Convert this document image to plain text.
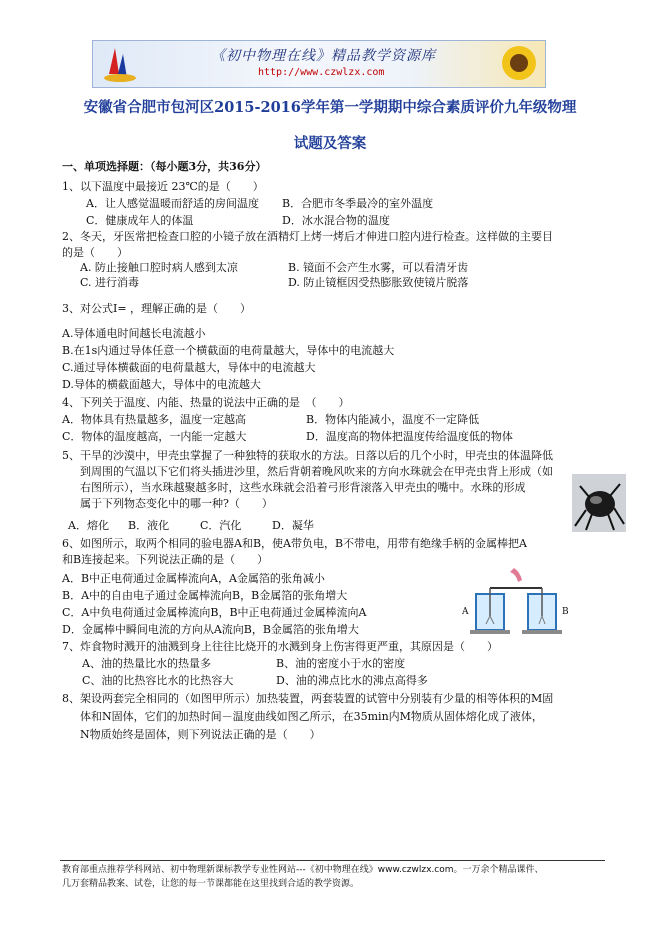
《初中物理在线》精品教学资源库
http://www.czwlzx.com
安徽省合肥市包河区2015-2016学年第一学期期中综合素质评价九年级物理
试题及答案
一、单项选择题：（每小题3分，共36分）
1、以下温度中最接近 23℃的是（　　）
A．让人感觉温暖而舒适的房间温度 B．合肥市冬季最冷的室外温度
C．健康成年人的体温	D．冰水混合物的温度
2、冬天，牙医常把检查口腔的小镜子放在酒精灯上烤一烤后才伸进口腔内进行检查。这样做的主要目
的是（　　）
A. 防止接触口腔时病人感到太凉	B. 镜面不会产生水雾，可以看清牙齿
C. 进行消毒	D. 防止镜框因受热膨胀致使镜片脱落
3、对公式I= ，理解正确的是（　　）
A.导体通电时间越长电流越小
B.在1s内通过导体任意一个横截面的电荷量越大，导体中的电流越大
C.通过导体横截面的电荷量越大，导体中的电流越大
D.导体的横截面越大，导体中的电流越大
4、下列关于温度、内能、热量的说法中正确的是　（　　）
A．物体具有热量越多，温度一定越高	B．物体内能减小，温度不一定降低
C．物体的温度越高，一内能一定越大	D．温度高的物体把温度传给温度低的物体
5、干旱的沙漠中，甲壳虫掌握了一种独特的获取水的方法。日落以后的几个小时，甲壳虫的体温降低
到周围的气温以下它们将头插进沙里，然后背朝着晚风吹来的方向水珠就会在甲壳虫背上形成（如
右图所示），当水珠越聚越多时，这些水珠就会沿着弓形背滚落入甲壳虫的嘴中。水珠的形成
属于下列物态变化中的哪一种?（　　）
A．熔化 B．液化	C．汽化	D．凝华
6、如图所示，取两个相同的验电器A和B，使A带负电，B不带电，用带有绝缘手柄的金属棒把A
和B连接起来。下列说法正确的是（　　）
A．B中正电荷通过金属棒流向A，A金属箔的张角减小
B．A中的自由电子通过金属棒流向B，B金属箔的张角增大
C．A中负电荷通过金属棒流向B，B中正电荷通过金属棒流向A
D．金属棒中瞬间电流的方向从A流向B，B金属箔的张角增大
A	B
7、炸食物时溅开的油溅到身上往往比烧开的水溅到身上伤害得更严重，其原因是（　　）
A、油的热量比水的热量多	B、油的密度小于水的密度
C、油的比热容比水的比热容大	D、油的沸点比水的沸点高得多
8、架设两套完全相同的（如图甲所示）加热装置，两套装置的试管中分别装有少量的相等体积的M固
体和N固体，它们的加热时间－温度曲线如图乙所示，在35min内M物质从固体熔化成了液体，
N物质始终是固体，则下列说法正确的是（　　）
教育部重点推荐学科网站、初中物理新课标教学专业性网站---《初中物理在线》www.czwlzx.com。一万余个精品课件、
几万套精品教案、试卷，让您的每一节课都能在这里找到合适的教学资源。
